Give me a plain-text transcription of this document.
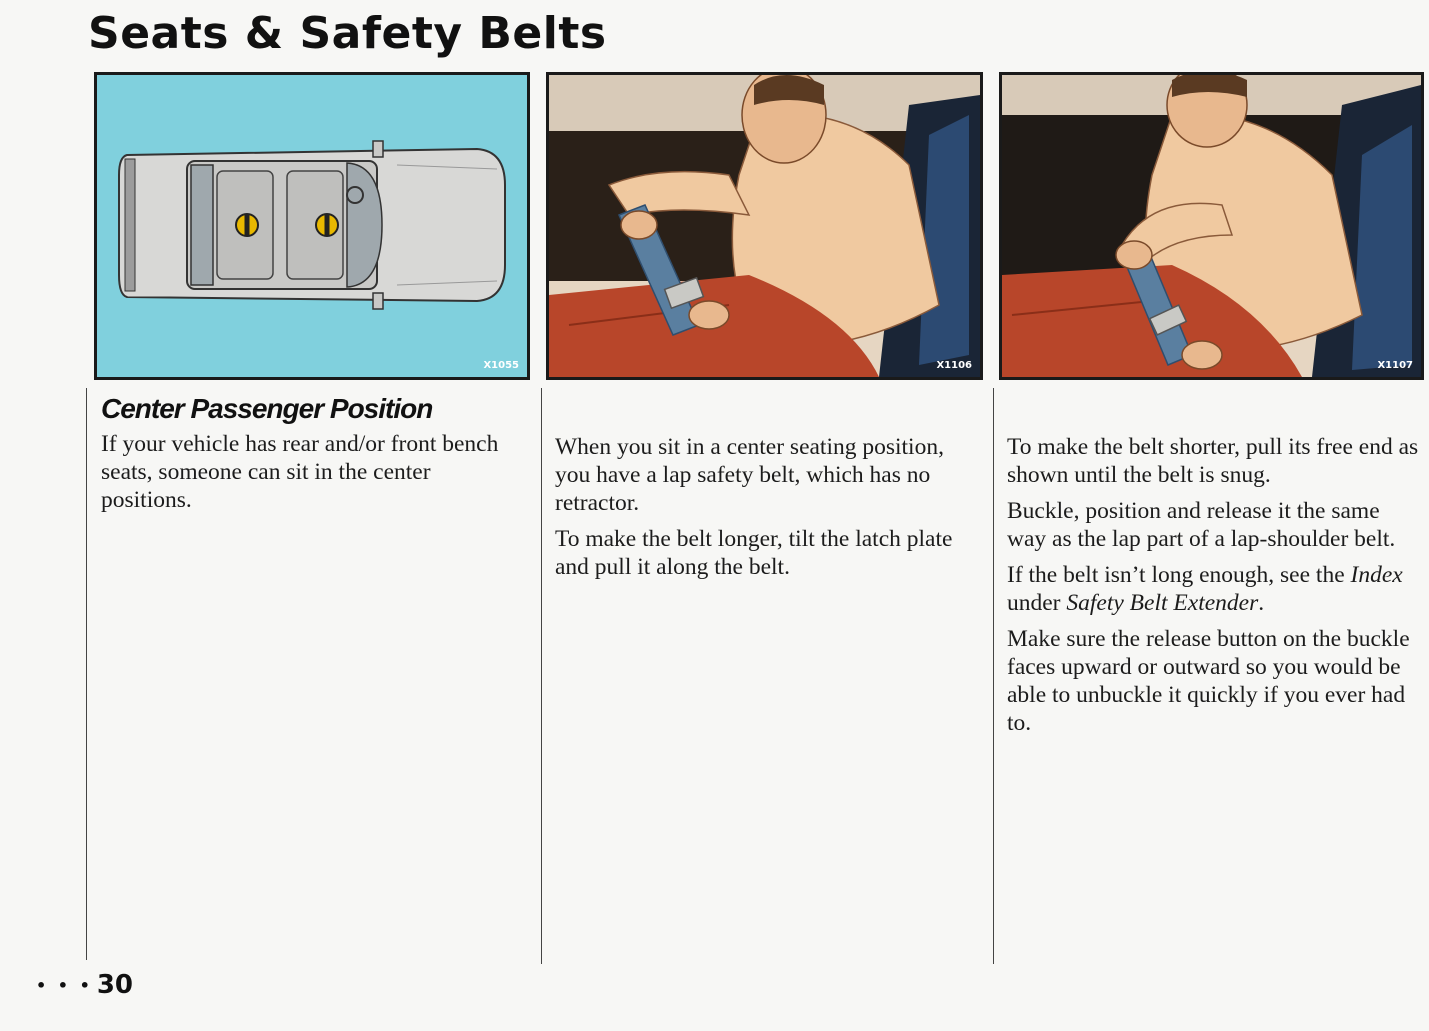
Seats & Safety Belts
X1055	X1106	X1107
Center Passenger Position

If your vehicle has rear and/or front bench seats, someone can sit in the center positions.

When you sit in a center seating position, you have a lap safety belt, which has no retractor.

To make the belt longer, tilt the latch plate and pull it along the belt.

To make the belt shorter, pull its free end as shown until the belt is snug.

Buckle, position and release it the same way as the lap part of a lap-shoulder belt.

If the belt isn’t long enough, see the Index under Safety Belt Extender.

Make sure the release button on the buckle faces upward or outward so you would be able to unbuckle it quickly if you ever had to.

• • • 30
